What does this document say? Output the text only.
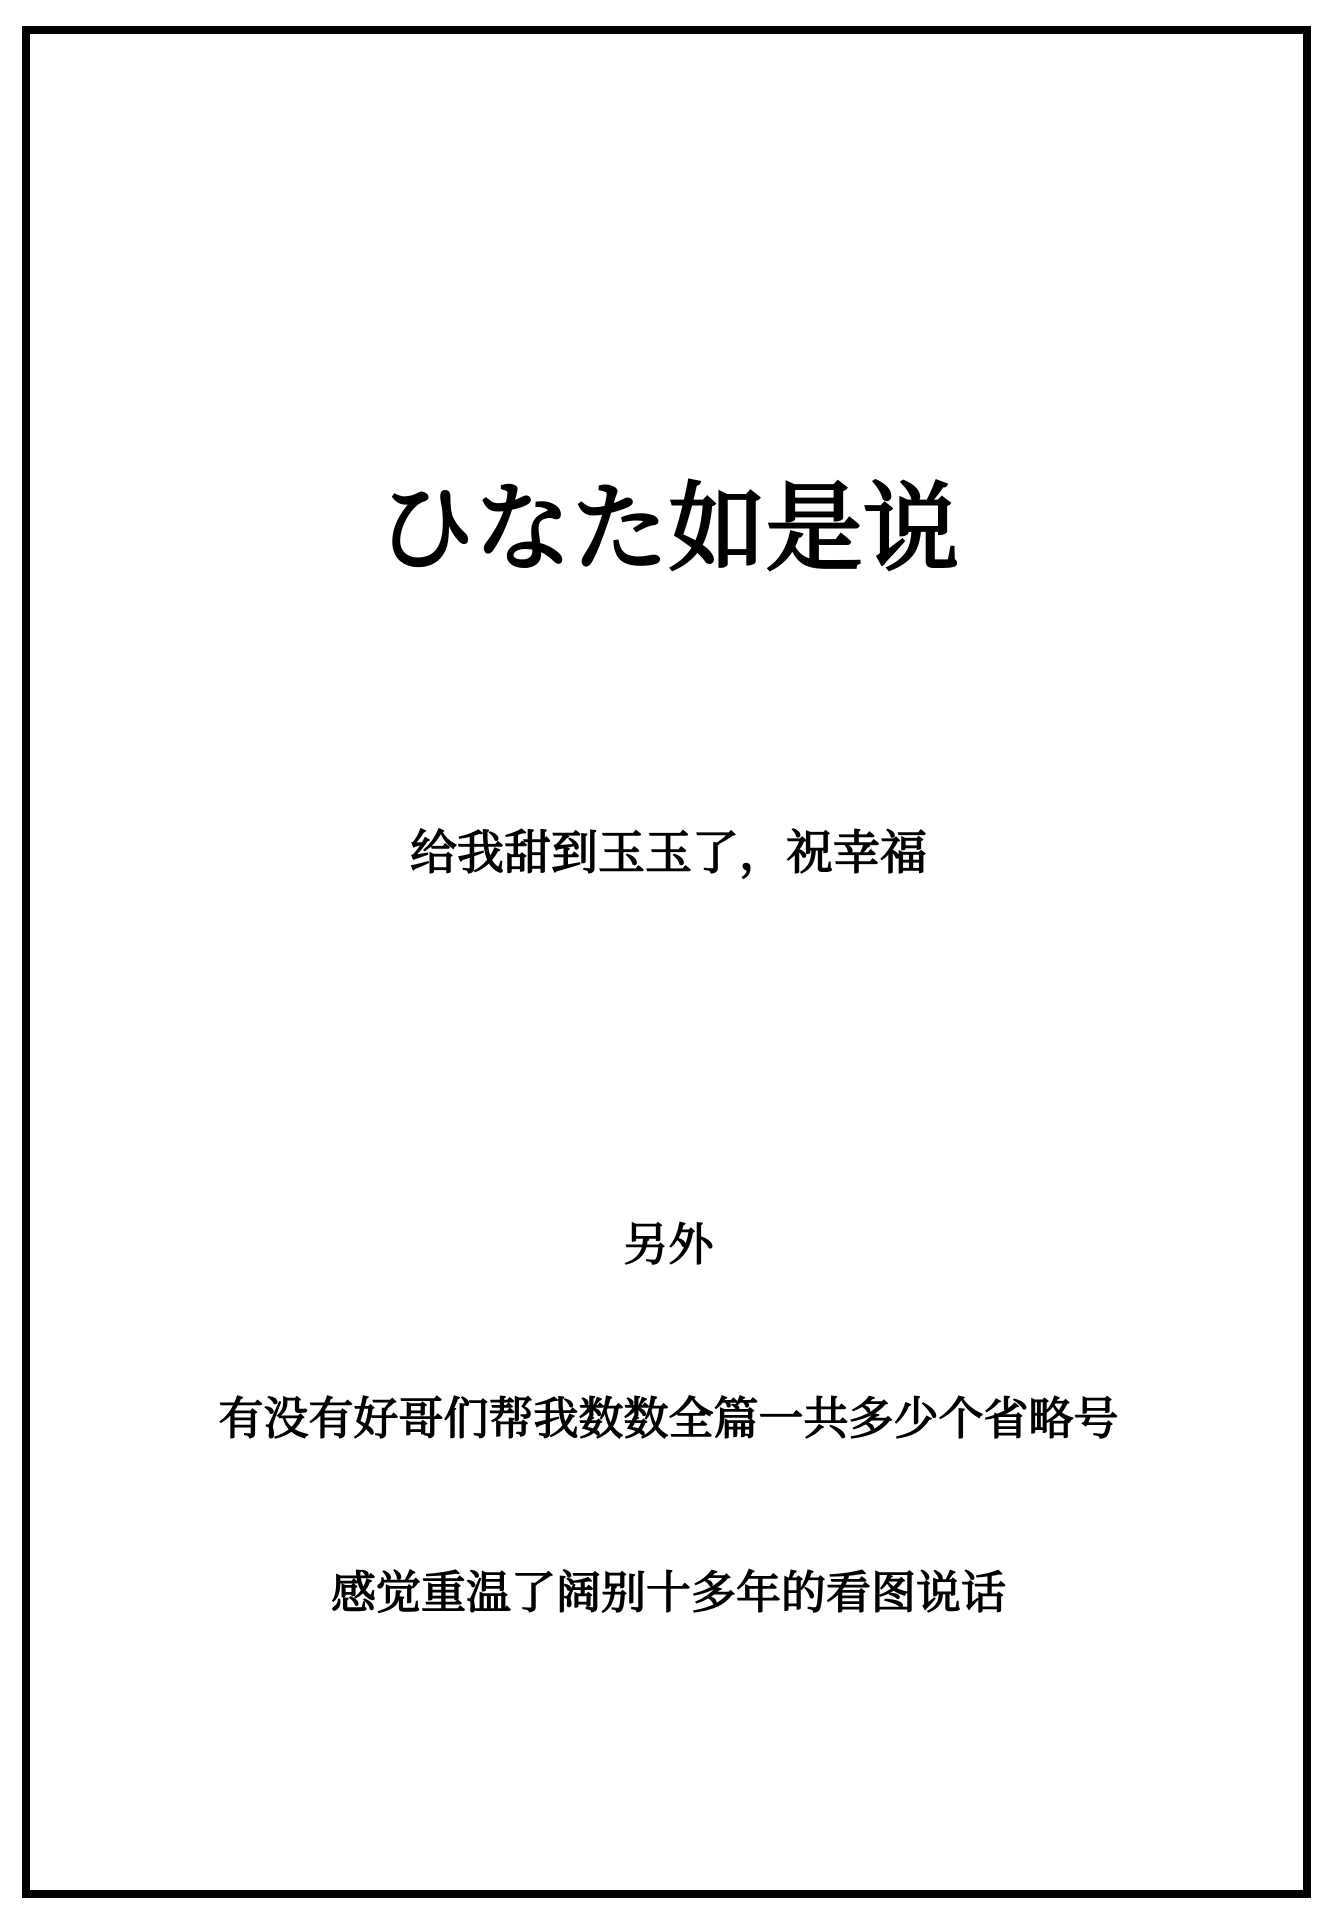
ひなた如是说
给我甜到玉玉了，祝幸福

另外

有没有好哥们帮我数数全篇一共多少个省略号

感觉重温了阔别十多年的看图说话
